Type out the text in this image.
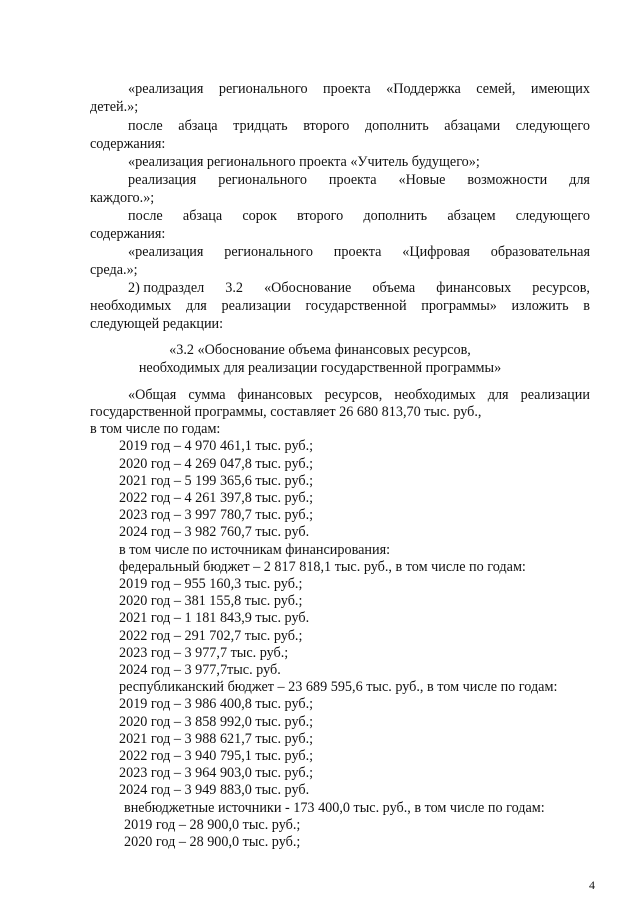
«реализация регионального проекта «Поддержка семей, имеющих
детей.»;
после абзаца тридцать второго дополнить абзацами следующего
содержания:
«реализация регионального проекта «Учитель будущего»;
реализация регионального проекта «Новые возможности для
каждого.»;
после абзаца сорок второго дополнить абзацем следующего
содержания:
«реализация регионального проекта «Цифровая образовательная
среда.»;
2) подраздел 3.2 «Обоснование объема финансовых ресурсов,
необходимых для реализации государственной программы» изложить в
следующей редакции:
«3.2 «Обоснование объема финансовых ресурсов,
необходимых для реализации государственной программы»
«Общая сумма финансовых ресурсов, необходимых для реализации
государственной программы, составляет 26 680 813,70 тыс. руб.,
в том числе по годам:
2019 год – 4 970 461,1 тыс. руб.;
2020 год – 4 269 047,8 тыс. руб.;
2021 год – 5 199 365,6 тыс. руб.;
2022 год – 4 261 397,8 тыс. руб.;
2023 год – 3 997 780,7 тыс. руб.;
2024 год – 3 982 760,7 тыс. руб.
в том числе по источникам финансирования:
федеральный бюджет – 2 817 818,1 тыс. руб., в том числе по годам:
2019 год – 955 160,3 тыс. руб.;
2020 год – 381 155,8 тыс. руб.;
2021 год – 1 181 843,9 тыс. руб.
2022 год – 291 702,7 тыс. руб.;
2023 год – 3 977,7 тыс. руб.;
2024 год – 3 977,7тыс. руб.
республиканский бюджет – 23 689 595,6 тыс. руб., в том числе по годам:
2019 год – 3 986 400,8 тыс. руб.;
2020 год – 3 858 992,0 тыс. руб.;
2021 год – 3 988 621,7 тыс. руб.;
2022 год – 3 940 795,1 тыс. руб.;
2023 год – 3 964 903,0 тыс. руб.;
2024 год – 3 949 883,0 тыс. руб.
внебюджетные источники - 173 400,0 тыс. руб., в том числе по годам:
2019 год – 28 900,0 тыс. руб.;
2020 год – 28 900,0 тыс. руб.;
4
